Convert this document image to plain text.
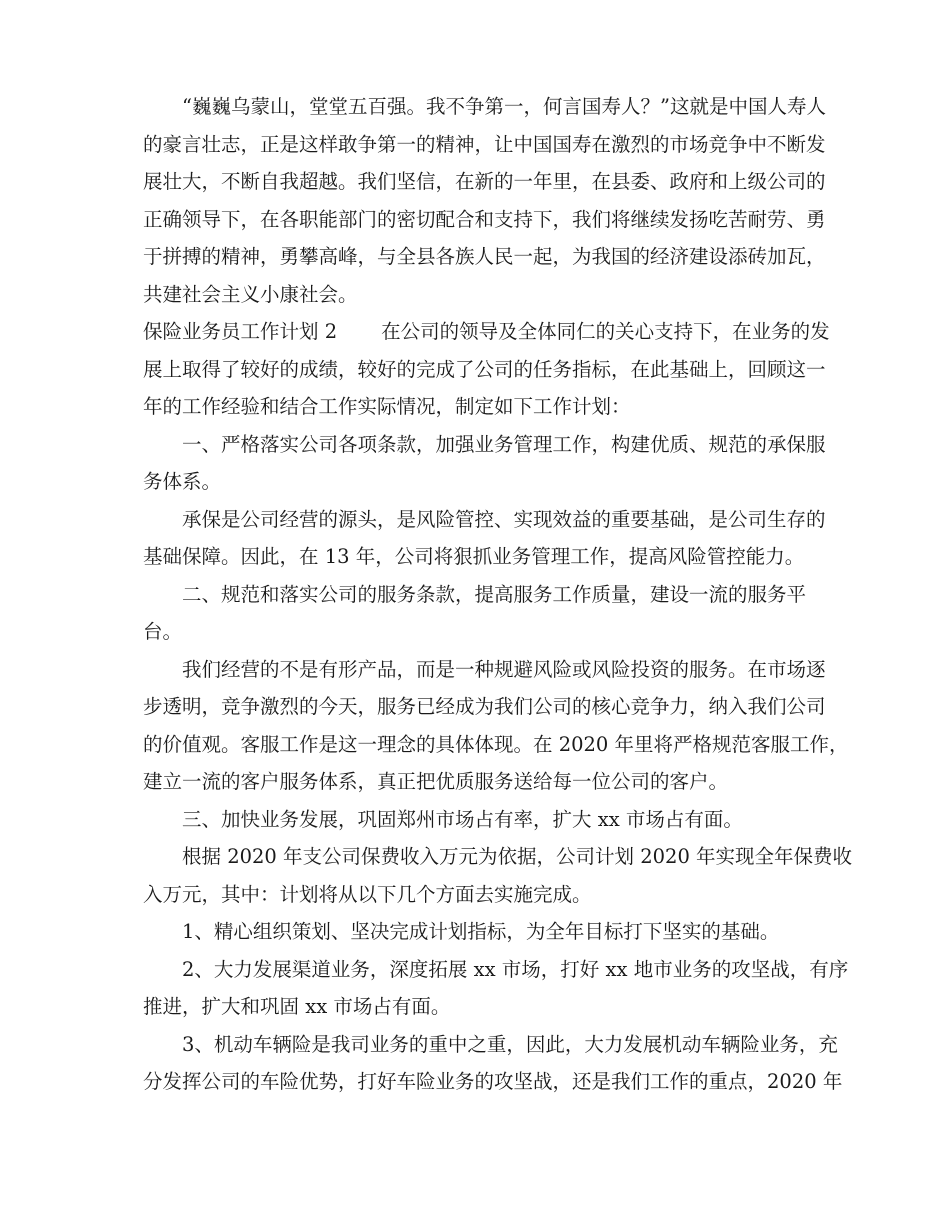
“巍巍乌蒙山，堂堂五百强。我不争第一，何言国寿人？”这就是中国人寿人
的豪言壮志，正是这样敢争第一的精神，让中国国寿在激烈的市场竞争中不断发
展壮大，不断自我超越。我们坚信，在新的一年里，在县委、政府和上级公司的
正确领导下，在各职能部门的密切配合和支持下，我们将继续发扬吃苦耐劳、勇
于拼搏的精神，勇攀高峰，与全县各族人民一起，为我国的经济建设添砖加瓦，
共建社会主义小康社会。
保险业务员工作计划 2 在公司的领导及全体同仁的关心支持下，在业务的发
展上取得了较好的成绩，较好的完成了公司的任务指标，在此基础上，回顾这一
年的工作经验和结合工作实际情况，制定如下工作计划：
一、严格落实公司各项条款，加强业务管理工作，构建优质、规范的承保服
务体系。
承保是公司经营的源头，是风险管控、实现效益的重要基础，是公司生存的
基础保障。因此，在 13 年，公司将狠抓业务管理工作，提高风险管控能力。
二、规范和落实公司的服务条款，提高服务工作质量，建设一流的服务平
台。
我们经营的不是有形产品，而是一种规避风险或风险投资的服务。在市场逐
步透明，竞争激烈的今天，服务已经成为我们公司的核心竞争力，纳入我们公司
的价值观。客服工作是这一理念的具体体现。在 2020 年里将严格规范客服工作，
建立一流的客户服务体系，真正把优质服务送给每一位公司的客户。
三、加快业务发展，巩固郑州市场占有率，扩大 xx 市场占有面。
根据 2020 年支公司保费收入万元为依据，公司计划 2020 年实现全年保费收
入万元，其中：计划将从以下几个方面去实施完成。
1、精心组织策划、坚决完成计划指标，为全年目标打下坚实的基础。
2、大力发展渠道业务，深度拓展 xx 市场，打好 xx 地市业务的攻坚战，有序
推进，扩大和巩固 xx 市场占有面。
3、机动车辆险是我司业务的重中之重，因此，大力发展机动车辆险业务，充
分发挥公司的车险优势，打好车险业务的攻坚战，还是我们工作的重点，2020 年
